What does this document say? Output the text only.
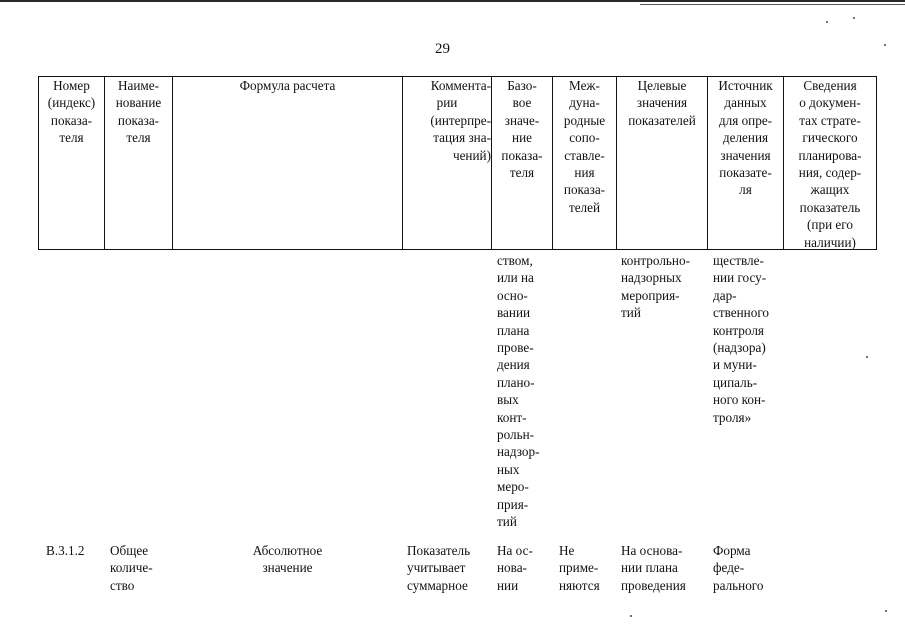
29
Номер
(индекс)
показа-
теля
Наиме-
нование
показа-
теля
Формула расчета	Коммента-
рии
(интерпре-
тация зна-
чений)
Базо-
вое
значе-
ние
показа-
теля
Меж-
дуна-
родные
сопо-
ставле-
ния
показа-
телей
Целевые
значения
показателей
Источник
данных
для опре-
деления
значения
показате-
ля
Сведения
о докумен-
тах страте-
гического
планирова-
ния, содер-
жащих
показатель
(при его
наличии)
ством,
или на
осно-
вании
плана
прове-
дения
плано-
вых
конт-
рольн-
надзор-
ных
меро-
прия-
тий
контрольно-
надзорных
мероприя-
тий
ществле-
нии госу-
дар-
ственного
контроля
(надзора)
и муни-
ципаль-
ного кон-
троля»
В.3.1.2	Общее
количе-
ство
Абсолютное
значение
Показатель
учитывает
суммарное
На ос-
нова-
нии
Не
приме-
няются
На основа-
нии плана
проведения
Форма
феде-
рального
